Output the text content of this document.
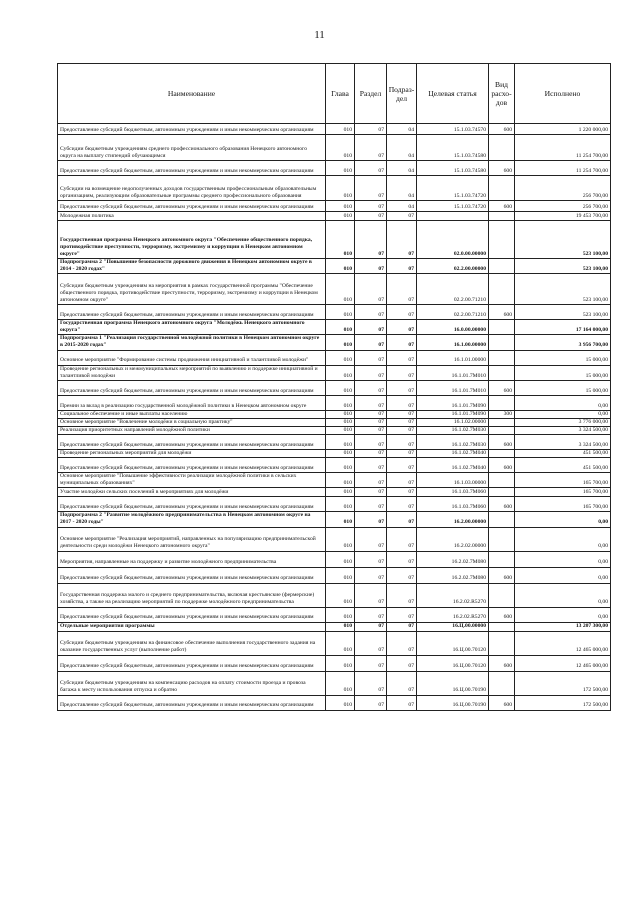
11
Наименование	Глава	Раздел	Подраз-дел	Целевая статья	Вид расхо-дов	Исполнено
Предоставление субсидий бюджетным, автономным учреждениям и иным некоммерческим организациям	010	07	04	15.1.03.74570	600	1 220 000,00
Субсидии бюджетным учреждениям среднего профессионального образования Ненецкого автономного округа на выплату стипендий обучающимся	010	07	04	15.1.03.74580		11 254 700,00
Предоставление субсидий бюджетным, автономным учреждениям и иным некоммерческим организациям	010	07	04	15.1.03.74580	600	11 254 700,00
Субсидии на возмещение недополученных доходов государственным профессиональным образовательным организациям, реализующим образовательные программы среднего профессионального образования	010	07	04	15.1.03.74720		256 700,00
Предоставление субсидий бюджетным, автономным учреждениям и иным некоммерческим организациям	010	07	04	15.1.03.74720	600	256 700,00
Молодежная политика	010	07	07			19 453 700,00
Государственная программа Ненецкого автономного округа "Обеспечение общественного порядка, противодействие преступности, терроризму, экстремизму и коррупции в Ненецком автономном округе"	010	07	07	02.0.00.00000		523 100,00
Подпрограмма 2 "Повышение безопасности дорожного движения в Ненецком автономном округе в 2014 - 2020 годах"	010	07	07	02.2.00.00000		523 100,00
Субсидии бюджетным учреждениям на мероприятия в рамках государственной программы "Обеспечение общественного порядка, противодействие преступности, терроризму, экстремизму и коррупции в Ненецком автономном округе"	010	07	07	02.2.00.71210		523 100,00
Предоставление субсидий бюджетным, автономным учреждениям и иным некоммерческим организациям	010	07	07	02.2.00.71210	600	523 100,00
Государственная программа Ненецкого автономного округа "Молодёжь Ненецкого автономного округа"	010	07	07	16.0.00.00000		17 164 000,00
Подпрограмма 1 "Реализация государственной молодёжной политики в Ненецком автономном округе в 2015-2020 годах"	010	07	07	16.1.00.00000		3 956 700,00
Основное мероприятие "Формирование системы продвижения инициативной и талантливой молодёжи"	010	07	07	16.1.01.00000		15 000,00
Проведение региональных и межмуниципальных мероприятий по выявлению и поддержке инициативной и талантливой молодёжи	010	07	07	16.1.01.7М010		15 000,00
Предоставление субсидий бюджетным, автономным учреждениям и иным некоммерческим организациям	010	07	07	16.1.01.7М010	600	15 000,00
Премии за вклад в реализацию государственной молодёжной политики в Ненецком автономном округе	010	07	07	16.1.01.7М090		0,00
Социальное обеспечение и иные выплаты населению	010	07	07	16.1.01.7М090	300	0,00
Основное мероприятие "Вовлечение молодёжи в социальную практику"	010	07	07	16.1.02.00000		3 776 000,00
Реализация приоритетных направлений молодёжной политики	010	07	07	16.1.02.7М030		3 324 500,00
Предоставление субсидий бюджетным, автономным учреждениям и иным некоммерческим организациям	010	07	07	16.1.02.7М030	600	3 324 500,00
Проведение региональных мероприятий для молодёжи	010	07	07	16.1.02.7М040		451 500,00
Предоставление субсидий бюджетным, автономным учреждениям и иным некоммерческим организациям	010	07	07	16.1.02.7М040	600	451 500,00
Основное мероприятие "Повышение эффективности реализации молодёжной политики в сельских муниципальных образованиях"	010	07	07	16.1.03.00000		165 700,00
Участие молодёжи сельских поселений в мероприятиях для молодёжи	010	07	07	16.1.03.7М060		165 700,00
Предоставление субсидий бюджетным, автономным учреждениям и иным некоммерческим организациям	010	07	07	16.1.03.7М060	600	165 700,00
Подпрограмма 2 "Развитие молодёжного предпринимательства в Ненецком автономном округе на 2017 - 2020 годы"	010	07	07	16.2.00.00000		0,00
Основное мероприятие "Реализация мероприятий, направленных на популяризацию предпринимательской деятельности среди молодёжи Ненецкого автономного округа"	010	07	07	16.2.02.00000		0,00
Мероприятия, направленные на поддержку и развитие молодёжного предпринимательства	010	07	07	16.2.02.7М080		0,00
Предоставление субсидий бюджетным, автономным учреждениям и иным некоммерческим организациям	010	07	07	16.2.02.7М080	600	0,00
Государственная поддержка малого и среднего предпринимательства, включая крестьянские (фермерские) хозяйства, а также на реализацию мероприятий по поддержке молодёжного предпринимательства	010	07	07	16.2.02.R5270		0,00
Предоставление субсидий бюджетным, автономным учреждениям и иным некоммерческим организациям	010	07	07	16.2.02.R5270	600	0,00
Отдельные мероприятия программы	010	07	07	16.Ц.00.00000		13 207 300,00
Субсидии бюджетным учреждениям на финансовое обеспечение выполнения государственного задания на оказание государственных услуг (выполнение работ)	010	07	07	16.Ц.00.70120		12 465 000,00
Предоставление субсидий бюджетным, автономным учреждениям и иным некоммерческим организациям	010	07	07	16.Ц.00.70120	600	12 465 000,00
Субсидии бюджетным учреждениям на компенсацию расходов на оплату стоимости проезда и провоза багажа к месту использования отпуска и обратно	010	07	07	16.Ц.00.70190		172 500,00
Предоставление субсидий бюджетным, автономным учреждениям и иным некоммерческим организациям	010	07	07	16.Ц.00.70190	600	172 500,00
